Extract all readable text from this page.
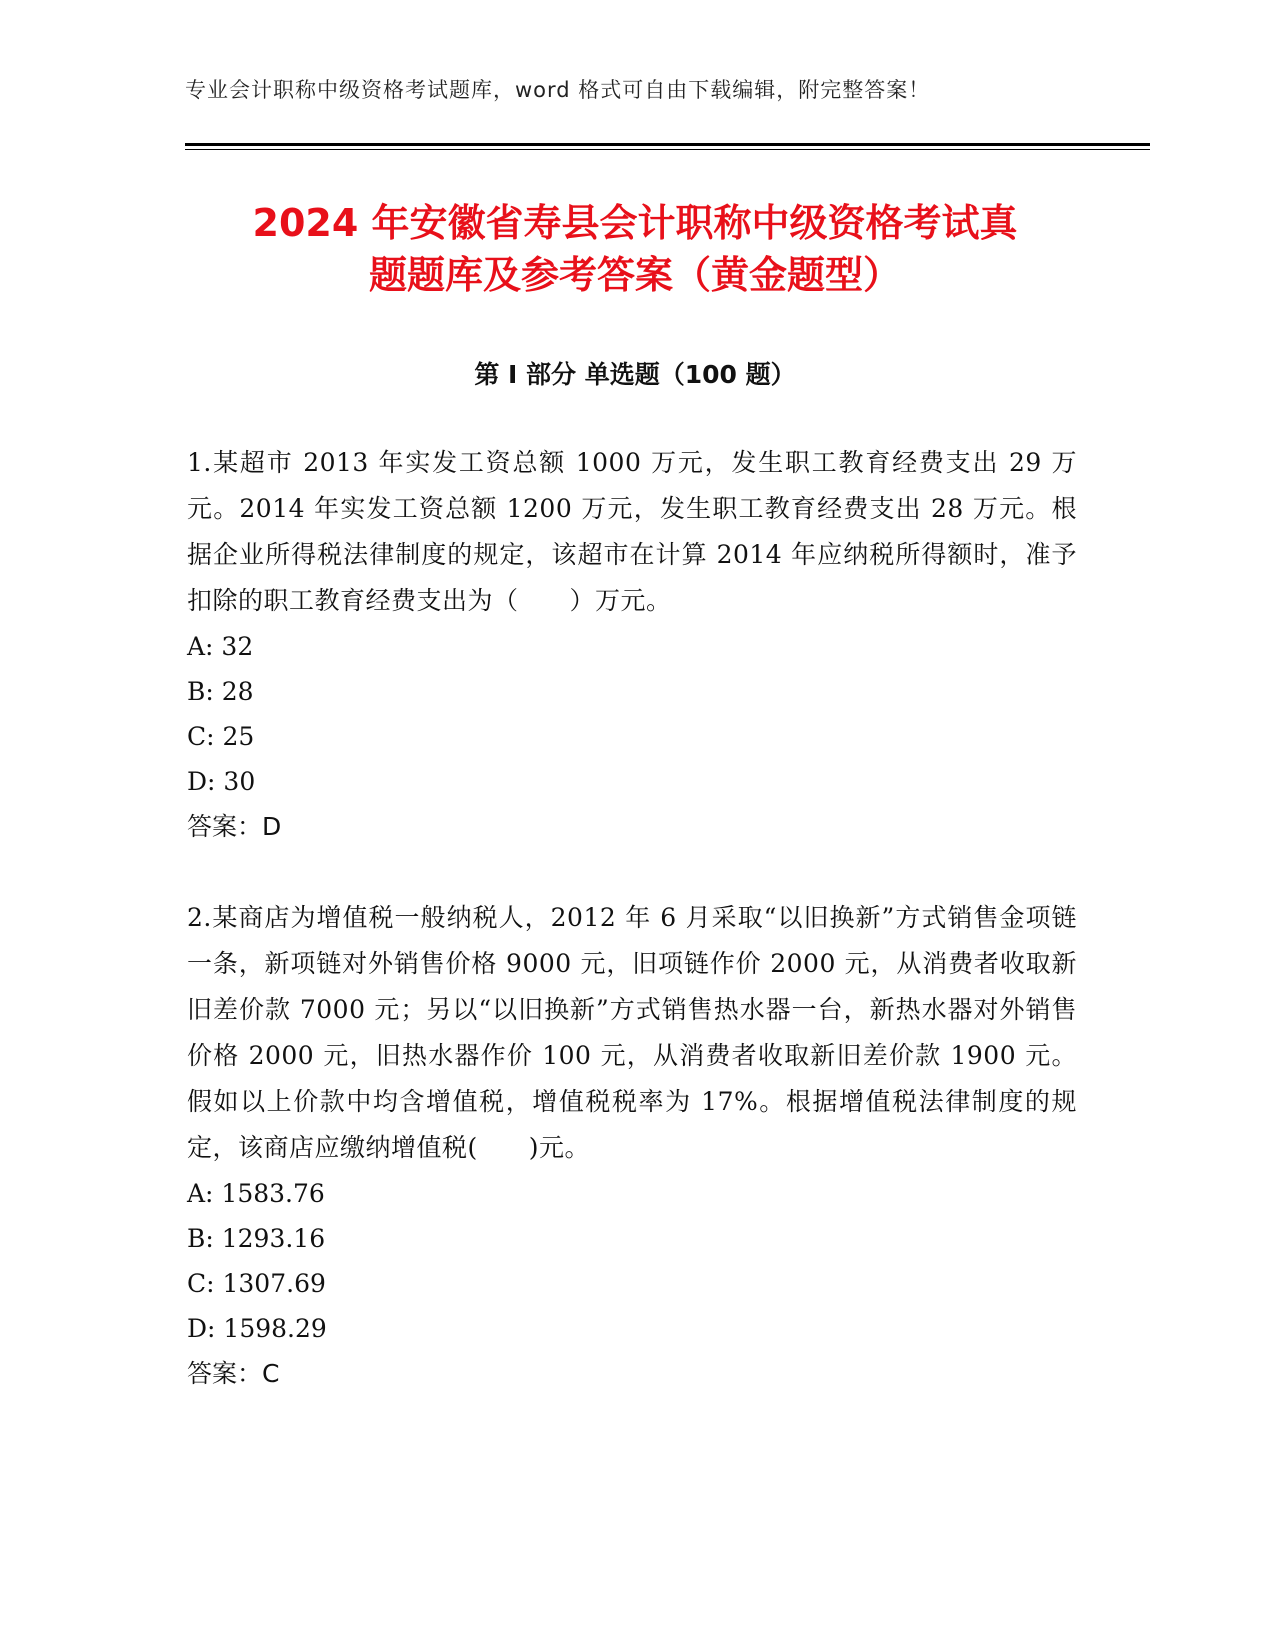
专业会计职称中级资格考试题库，word 格式可自由下载编辑，附完整答案！
2024 年安徽省寿县会计职称中级资格考试真
题题库及参考答案（黄金题型）
第 I 部分 单选题（100 题）

1.某超市 2013 年实发工资总额 1000 万元，发生职工教育经费支出 29 万元。2014 年实发工资总额 1200 万元，发生职工教育经费支出 28 万元。根据企业所得税法律制度的规定，该超市在计算 2014 年应纳税所得额时，准予扣除的职工教育经费支出为（　　）万元。

A: 32

B: 28

C: 25

D: 30

答案：D

2.某商店为增值税一般纳税人，2012 年 6 月采取“以旧换新”方式销售金项链一条，新项链对外销售价格 9000 元，旧项链作价 2000 元，从消费者收取新旧差价款 7000 元；另以“以旧换新”方式销售热水器一台，新热水器对外销售价格 2000 元，旧热水器作价 100 元，从消费者收取新旧差价款 1900 元。假如以上价款中均含增值税，增值税税率为 17%。根据增值税法律制度的规定，该商店应缴纳增值税(　　)元。

A: 1583.76

B: 1293.16

C: 1307.69

D: 1598.29

答案：C
